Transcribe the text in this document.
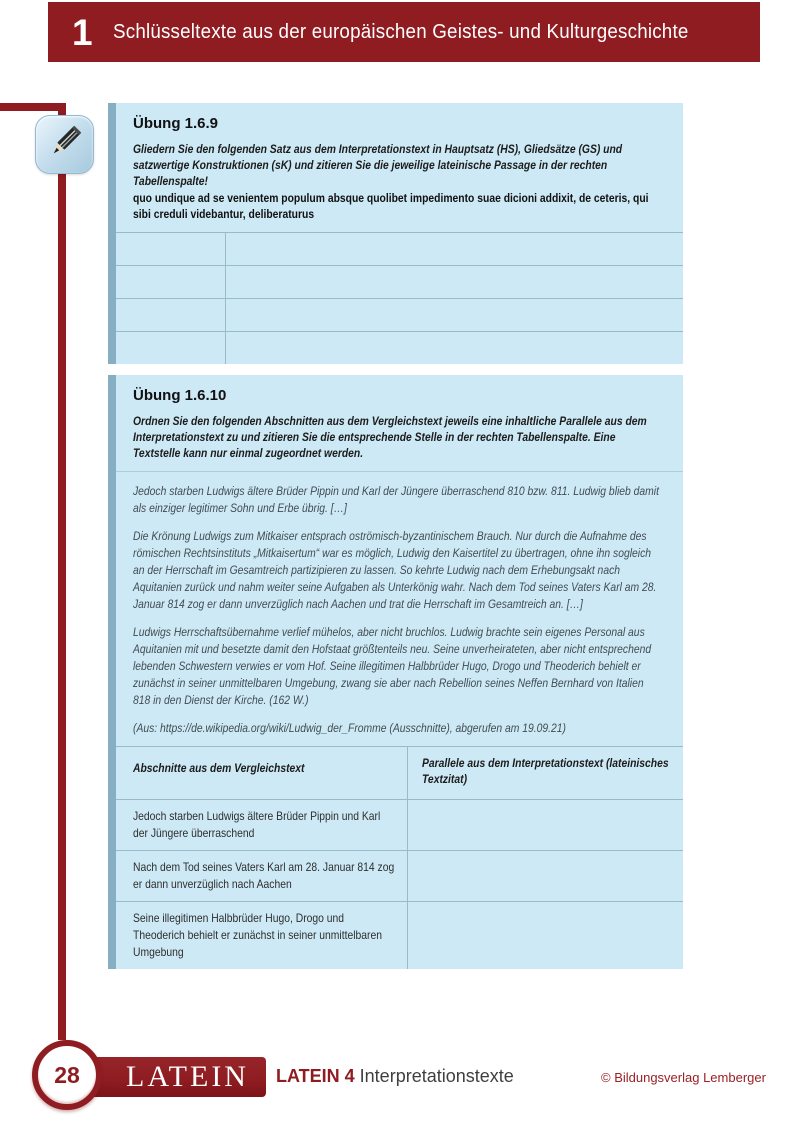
1 Schlüsseltexte aus der europäischen Geistes- und Kulturgeschichte
Übung 1.6.9
Gliedern Sie den folgenden Satz aus dem Interpretationstext in Hauptsatz (HS), Gliedsätze (GS) und satzwertige Konstruktionen (sK) und zitieren Sie die jeweilige lateinische Passage in der rechten Tabellenspalte!
quo undique ad se venientem populum absque quolibet impedimento suae dicioni addixit, de ceteris, qui sibi creduli videbantur, deliberaturus
Übung 1.6.10
Ordnen Sie den folgenden Abschnitten aus dem Vergleichstext jeweils eine inhaltliche Parallele aus dem Interpretationstext zu und zitieren Sie die entsprechende Stelle in der rechten Tabellenspalte. Eine Textstelle kann nur einmal zugeordnet werden.
Jedoch starben Ludwigs ältere Brüder Pippin und Karl der Jüngere überraschend 810 bzw. 811. Ludwig blieb damit als einziger legitimer Sohn und Erbe übrig. […]
Die Krönung Ludwigs zum Mitkaiser entsprach oströmisch-byzantinischem Brauch. Nur durch die Aufnahme des römischen Rechtsinstituts „Mitkaisertum“ war es möglich, Ludwig den Kaisertitel zu übertragen, ohne ihn sogleich an der Herrschaft im Gesamtreich partizipieren zu lassen. So kehrte Ludwig nach dem Erhebungsakt nach Aquitanien zurück und nahm weiter seine Aufgaben als Unterkönig wahr. Nach dem Tod seines Vaters Karl am 28. Januar 814 zog er dann unverzüglich nach Aachen und trat die Herrschaft im Gesamtreich an. […]
Ludwigs Herrschaftsübernahme verlief mühelos, aber nicht bruchlos. Ludwig brachte sein eigenes Personal aus Aquitanien mit und besetzte damit den Hofstaat größtenteils neu. Seine unverheirateten, aber nicht entsprechend lebenden Schwestern verwies er vom Hof. Seine illegitimen Halbbrüder Hugo, Drogo und Theoderich behielt er zunächst in seiner unmittelbaren Umgebung, zwang sie aber nach Rebellion seines Neffen Bernhard von Italien 818 in den Dienst der Kirche. (162 W.)
(Aus: https://de.wikipedia.org/wiki/Ludwig_der_Fromme (Ausschnitte), abgerufen am 19.09.21)
Abschnitte aus dem Vergleichstext	Parallele aus dem Interpretationstext (lateinisches Textzitat)
Jedoch starben Ludwigs ältere Brüder Pippin und Karl der Jüngere überraschend
Nach dem Tod seines Vaters Karl am 28. Januar 814 zog er dann unverzüglich nach Aachen
Seine illegitimen Halbbrüder Hugo, Drogo und Theoderich behielt er zunächst in seiner unmittelbaren Umgebung
LATEIN
28	LATEIN 4 Interpretationstexte	© Bildungsverlag Lemberger
